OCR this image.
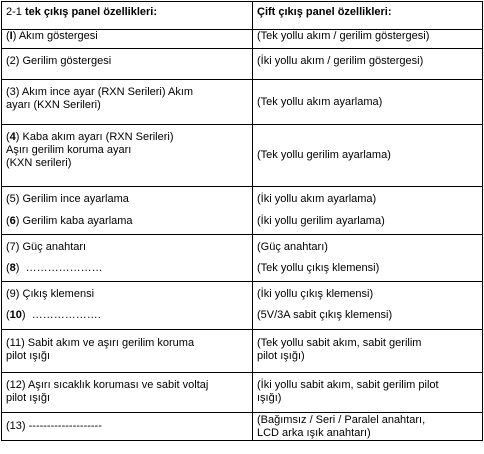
2-1 tek çıkış panel özellikleri:	Çift çıkış panel özellikleri:

(I) Akım göstergesi	(Tek yollu akım / gerilim göstergesi)

(2) Gerilim göstergesi	(İki yollu akım / gerilim göstergesi)

(3) Akım ince ayar (RXN Serileri) Akım
ayarı (KXN Serileri)	(Tek yollu akım ayarlama)

(4) Kaba akım ayarı (RXN Serileri)
Aşırı gerilim koruma ayarı
(KXN serileri)	(Tek yollu gerilim ayarlama)

(5) Gerilim ince ayarlama	(İki yollu akım ayarlama)

(6) Gerilim kaba ayarlama	(İki yollu gerilim ayarlama)

(7) Güç anahtarı	(Güç anahtarı)

(8)  …………………	(Tek yollu çıkış klemensi)

(9) Çıkış klemensi	(İki yollu çıkış klemensi)

(10)  ……………….	(5V/3A sabit çıkış klemensi)

(11) Sabit akım ve aşırı gerilim koruma
pilot ışığı	(Tek yollu sabit akım, sabit gerilim
pilot ışığı)

(12) Aşırı sıcaklık koruması ve sabit voltaj
pilot ışığı	(İki yollu sabit akım, sabit gerilim pilot
ışığı)

(13) --------------------	(Bağımsız / Seri / Paralel anahtarı,
LCD arka ışık anahtarı)
